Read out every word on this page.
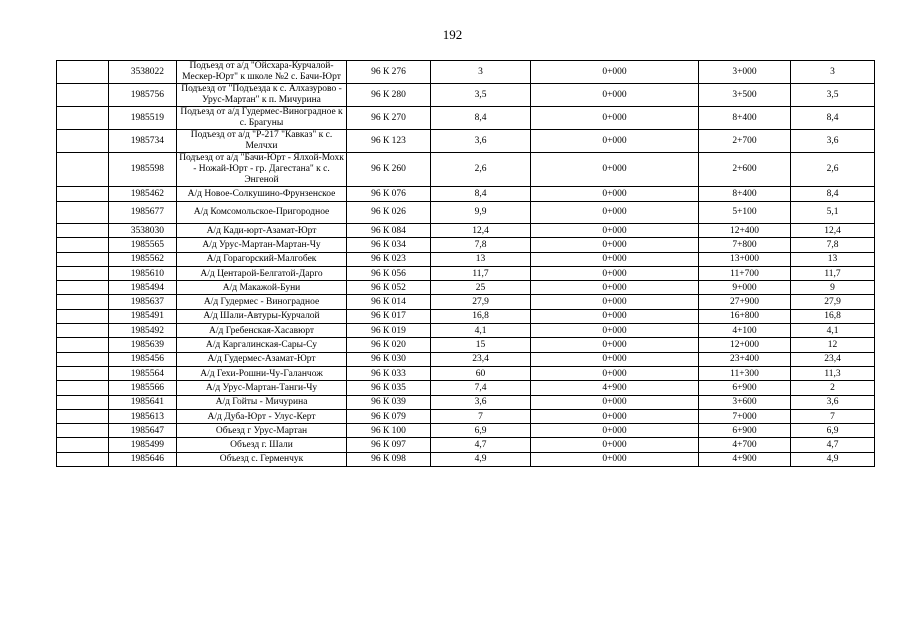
192
	3538022	Подъезд от а/д "Ойсхара-Курчалой-Мескер-Юрт" к школе №2 с. Бачи-Юрт	96 К 276	3	0+000	3+000	3
	1985756	Подъезд от "Подъезда к с. Алхазурово - Урус-Мартан" к п. Мичурина	96 К 280	3,5	0+000	3+500	3,5
	1985519	Подъезд от а/д Гудермес-Виноградное к с. Брагуны	96 К 270	8,4	0+000	8+400	8,4
	1985734	Подъезд от а/д "Р-217 "Кавказ" к с. Мелчхи	96 К 123	3,6	0+000	2+700	3,6
	1985598	Подъезд от а/д "Бачи-Юрт - Ялхой-Мохк - Ножай-Юрт - гр. Дагестана" к с. Энгеной	96 К 260	2,6	0+000	2+600	2,6
	1985462	А/д Новое-Солкушино-Фрунзенское	96 К 076	8,4	0+000	8+400	8,4
	1985677	А/д Комсомольское-Пригородное	96 К 026	9,9	0+000	5+100	5,1
	3538030	А/д Кади-юрт-Азамат-Юрт	96 К 084	12,4	0+000	12+400	12,4
	1985565	А/д Урус-Мартан-Мартан-Чу	96 К 034	7,8	0+000	7+800	7,8
	1985562	А/д Горагорский-Малгобек	96 К 023	13	0+000	13+000	13
	1985610	А/д Центарой-Белгатой-Дарго	96 К 056	11,7	0+000	11+700	11,7
	1985494	А/д Макажой-Буни	96 К 052	25	0+000	9+000	9
	1985637	А/д Гудермес - Виноградное	96 К 014	27,9	0+000	27+900	27,9
	1985491	А/д Шали-Автуры-Курчалой	96 К 017	16,8	0+000	16+800	16,8
	1985492	А/д Гребенская-Хасавюрт	96 К 019	4,1	0+000	4+100	4,1
	1985639	А/д Каргалинская-Сары-Су	96 К 020	15	0+000	12+000	12
	1985456	А/д Гудермес-Азамат-Юрт	96 К 030	23,4	0+000	23+400	23,4
	1985564	А/д Гехи-Рошни-Чу-Галанчож	96 К 033	60	0+000	11+300	11,3
	1985566	А/д Урус-Мартан-Танги-Чу	96 К 035	7,4	4+900	6+900	2
	1985641	А/д Гойты - Мичурина	96 К 039	3,6	0+000	3+600	3,6
	1985613	А/д Дуба-Юрт - Улус-Керт	96 К 079	7	0+000	7+000	7
	1985647	Объезд г Урус-Мартан	96 К 100	6,9	0+000	6+900	6,9
	1985499	Объезд г. Шали	96 К 097	4,7	0+000	4+700	4,7
	1985646	Объезд с. Герменчук	96 К 098	4,9	0+000	4+900	4,9
